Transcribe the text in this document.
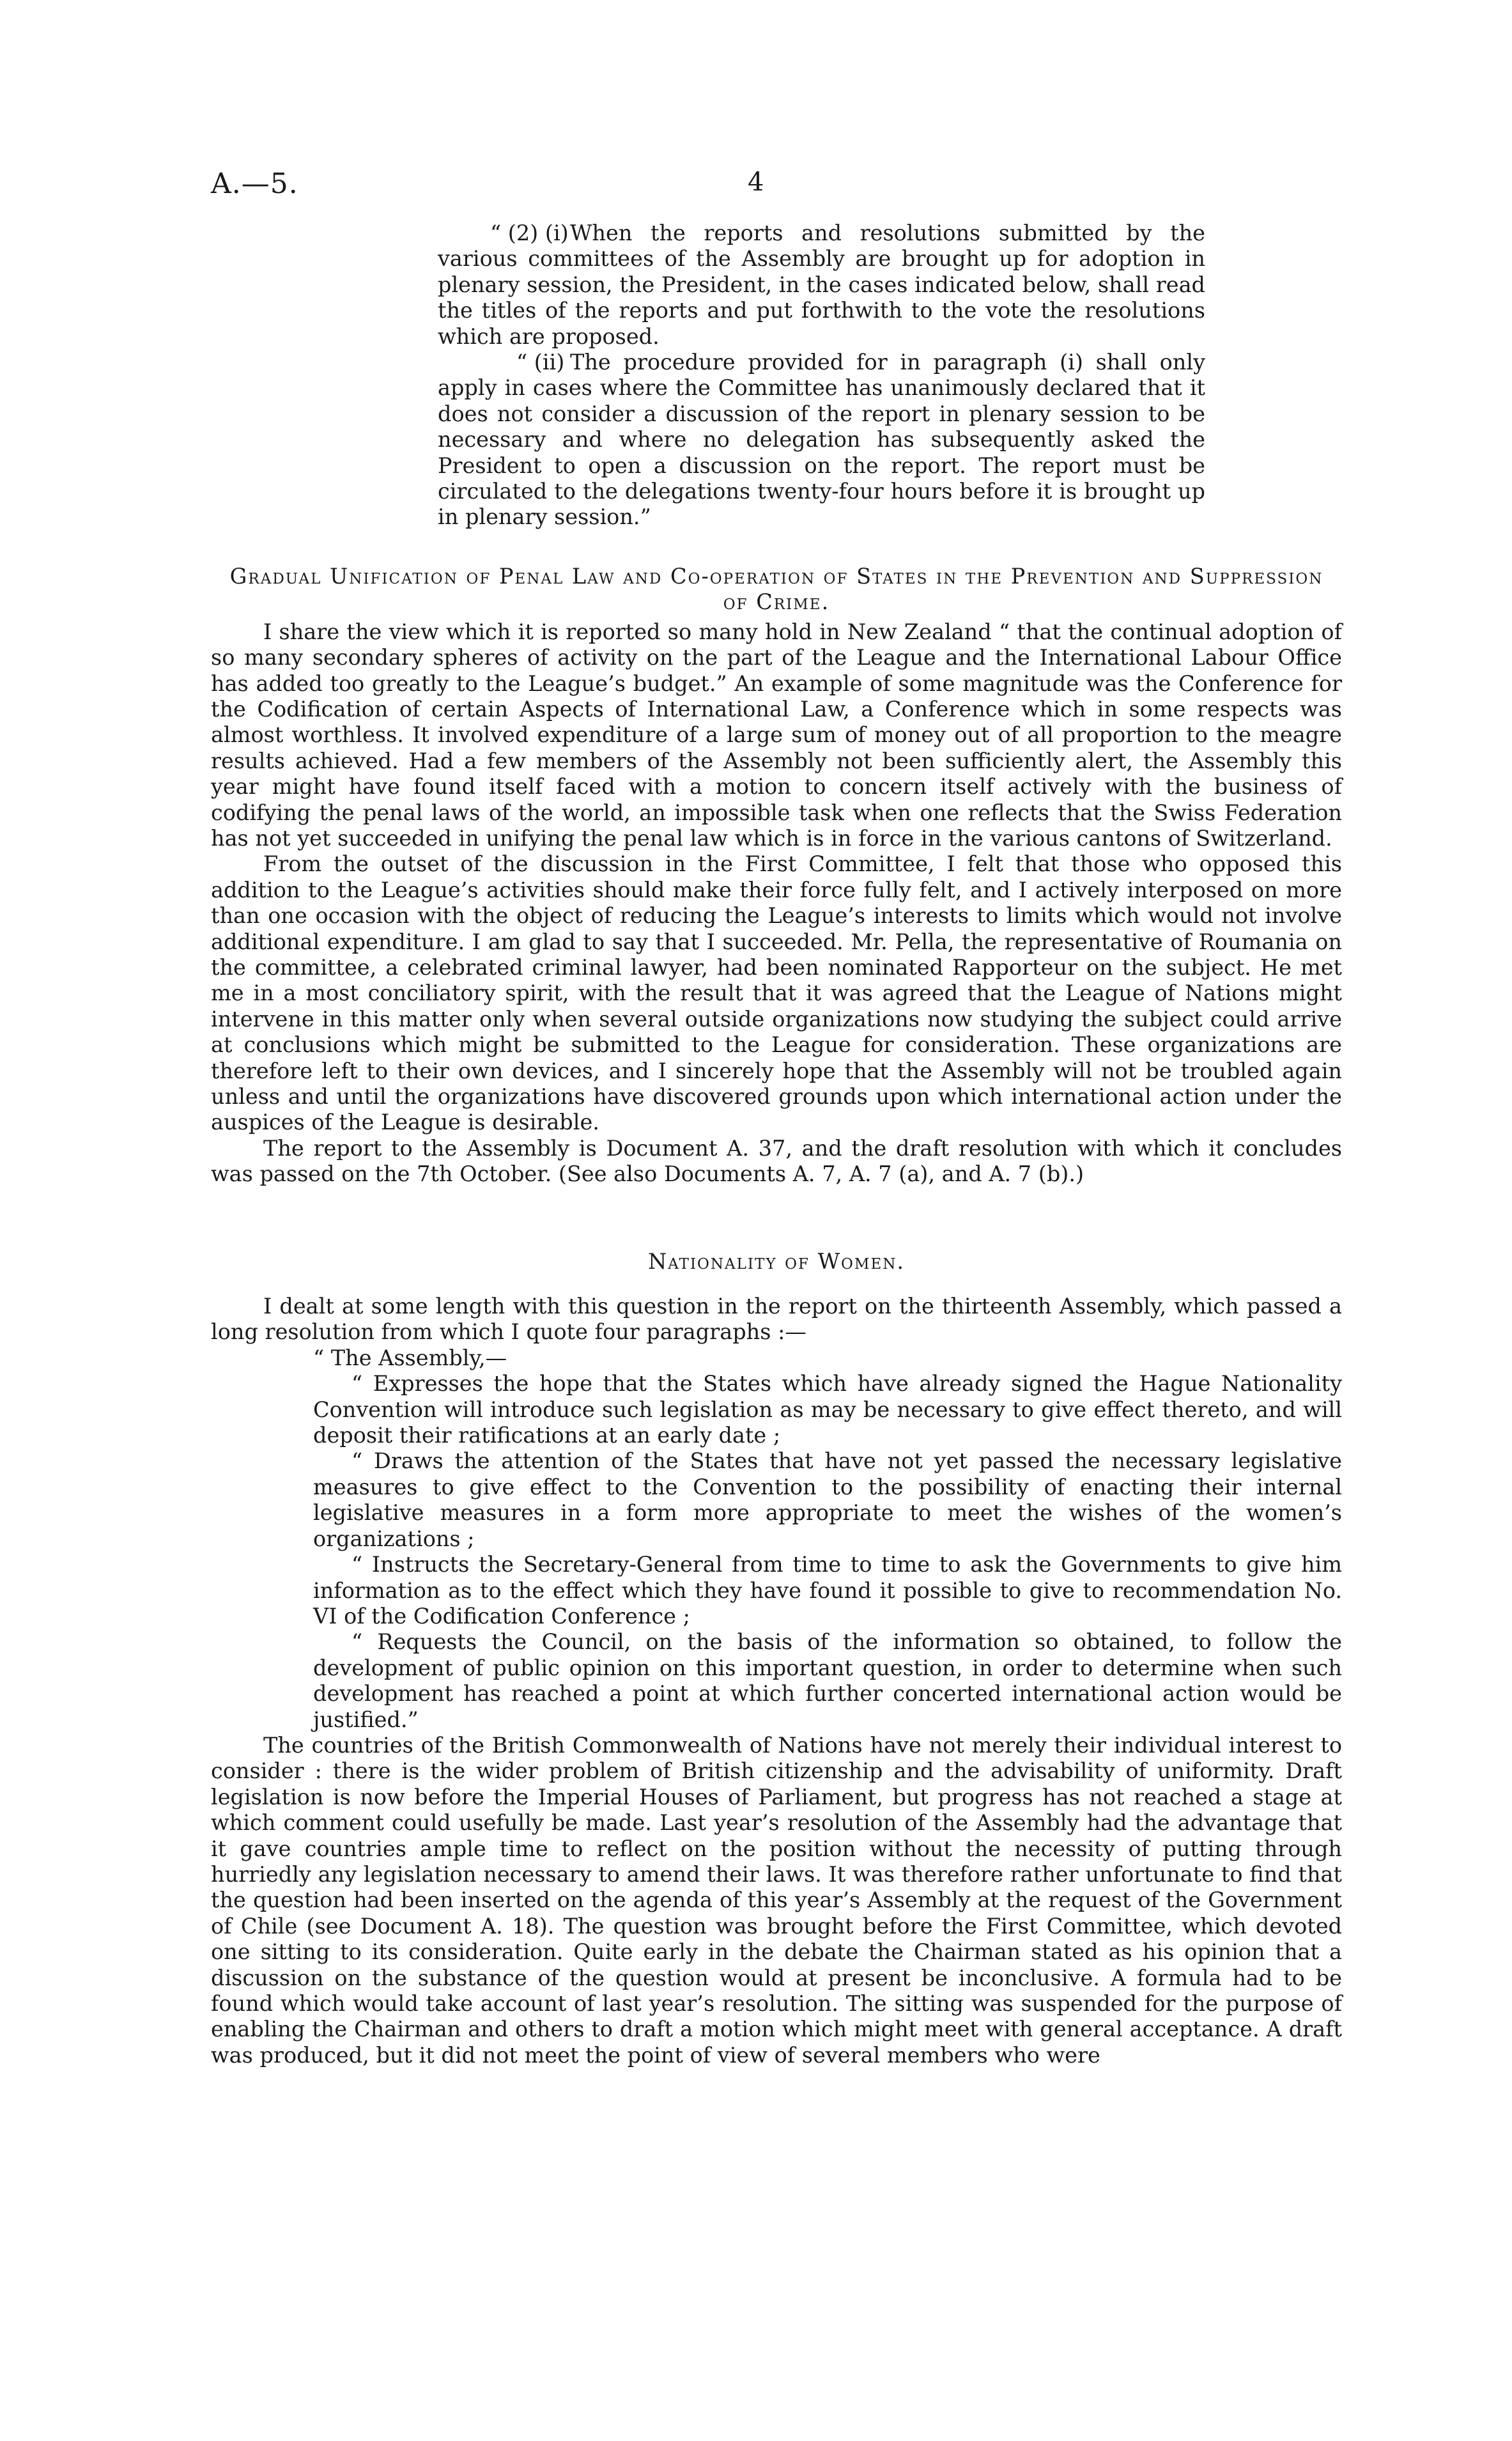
A.—5.	4

“ (2) (i)When the reports and resolutions submitted by the various committees of the Assembly are brought up for adoption in plenary session, the President, in the cases indicated below, shall read the titles of the reports and put forthwith to the vote the resolutions which are proposed.

“ (ii) The procedure provided for in paragraph (i) shall only apply in cases where the Committee has unanimously declared that it does not consider a discussion of the report in plenary session to be necessary and where no delegation has subsequently asked the President to open a discussion on the report. The report must be circulated to the delegations twenty-four hours before it is brought up in plenary session.”

Gradual Unification of Penal Law and Co-operation of States in the Prevention and Suppression of Crime.

I share the view which it is reported so many hold in New Zealand “ that the continual adoption of so many secondary spheres of activity on the part of the League and the International Labour Office has added too greatly to the League’s budget.” An example of some magnitude was the Conference for the Codification of certain Aspects of International Law, a Conference which in some respects was almost worthless. It involved expenditure of a large sum of money out of all proportion to the meagre results achieved. Had a few members of the Assembly not been sufficiently alert, the Assembly this year might have found itself faced with a motion to concern itself actively with the business of codifying the penal laws of the world, an impossible task when one reflects that the Swiss Federation has not yet succeeded in unifying the penal law which is in force in the various cantons of Switzerland.

From the outset of the discussion in the First Committee, I felt that those who opposed this addition to the League’s activities should make their force fully felt, and I actively interposed on more than one occasion with the object of reducing the League’s interests to limits which would not involve additional expenditure. I am glad to say that I succeeded. Mr. Pella, the representative of Roumania on the committee, a celebrated criminal lawyer, had been nominated Rapporteur on the subject. He met me in a most conciliatory spirit, with the result that it was agreed that the League of Nations might intervene in this matter only when several outside organizations now studying the subject could arrive at conclusions which might be submitted to the League for consideration. These organizations are therefore left to their own devices, and I sincerely hope that the Assembly will not be troubled again unless and until the organizations have discovered grounds upon which international action under the auspices of the League is desirable.

The report to the Assembly is Document A. 37, and the draft resolution with which it concludes was passed on the 7th October. (See also Documents A. 7, A. 7 (a), and A. 7 (b).)

Nationality of Women.

I dealt at some length with this question in the report on the thirteenth Assembly, which passed a long resolution from which I quote four paragraphs :—

“ The Assembly,—

“ Expresses the hope that the States which have already signed the Hague Nationality Convention will introduce such legislation as may be necessary to give effect thereto, and will deposit their ratifications at an early date ;

“ Draws the attention of the States that have not yet passed the necessary legislative measures to give effect to the Convention to the possibility of enacting their internal legislative measures in a form more appropriate to meet the wishes of the women’s organizations ;

“ Instructs the Secretary-General from time to time to ask the Governments to give him information as to the effect which they have found it possible to give to recommendation No. VI of the Codification Conference ;

“ Requests the Council, on the basis of the information so obtained, to follow the development of public opinion on this important question, in order to determine when such development has reached a point at which further concerted international action would be justified.”

The countries of the British Commonwealth of Nations have not merely their individual interest to consider : there is the wider problem of British citizenship and the advisability of uniformity. Draft legislation is now before the Imperial Houses of Parliament, but progress has not reached a stage at which comment could usefully be made. Last year’s resolution of the Assembly had the advantage that it gave countries ample time to reflect on the position without the necessity of putting through hurriedly any legislation necessary to amend their laws. It was therefore rather unfortunate to find that the question had been inserted on the agenda of this year’s Assembly at the request of the Government of Chile (see Document A. 18). The question was brought before the First Committee, which devoted one sitting to its consideration. Quite early in the debate the Chairman stated as his opinion that a discussion on the substance of the question would at present be inconclusive. A formula had to be found which would take account of last year’s resolution. The sitting was suspended for the purpose of enabling the Chairman and others to draft a motion which might meet with general acceptance. A draft was produced, but it did not meet the point of view of several members who were
